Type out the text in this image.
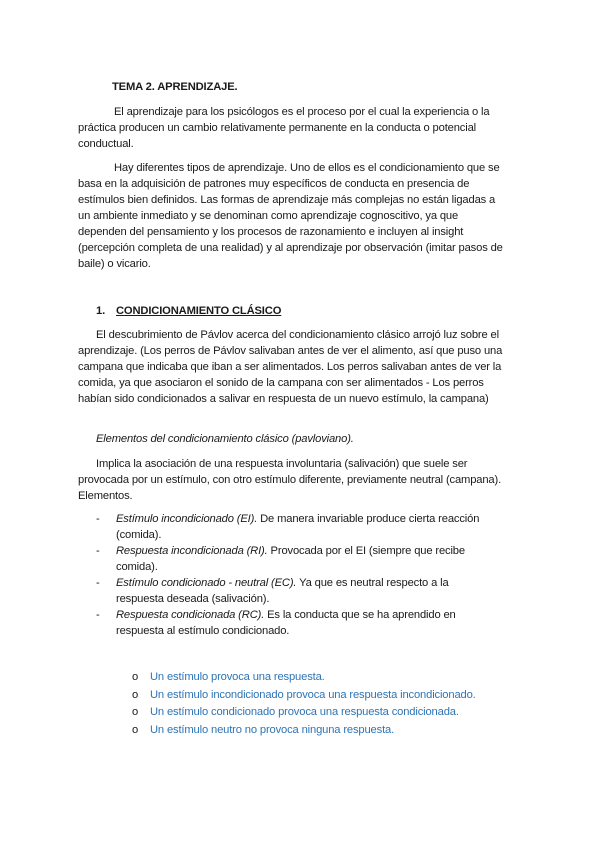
TEMA 2. APRENDIZAJE.

El aprendizaje para los psicólogos es el proceso por el cual la experiencia o la práctica producen un cambio relativamente permanente en la conducta o potencial conductual.

Hay diferentes tipos de aprendizaje. Uno de ellos es el condicionamiento que se basa en la adquisición de patrones muy específicos de conducta en presencia de estímulos bien definidos. Las formas de aprendizaje más complejas no están ligadas a un ambiente inmediato y se denominan como aprendizaje cognoscitivo, ya que dependen del pensamiento y los procesos de razonamiento e incluyen al insight (percepción completa de una realidad) y al aprendizaje por observación (imitar pasos de baile) o vicario.

1. CONDICIONAMIENTO CLÁSICO

El descubrimiento de Pávlov acerca del condicionamiento clásico arrojó luz sobre el aprendizaje. (Los perros de Pávlov salivaban antes de ver el alimento, así que puso una campana que indicaba que iban a ser alimentados. Los perros salivaban antes de ver la comida, ya que asociaron el sonido de la campana con ser alimentados - Los perros habían sido condicionados a salivar en respuesta de un nuevo estímulo, la campana)

Elementos del condicionamiento clásico (pavloviano).

Implica la asociación de una respuesta involuntaria (salivación) que suele ser provocada por un estímulo, con otro estímulo diferente, previamente neutral (campana). Elementos.

- Estímulo incondicionado (EI). De manera invariable produce cierta reacción (comida).
- Respuesta incondicionada (RI). Provocada por el EI (siempre que recibe comida).
- Estímulo condicionado - neutral (EC). Ya que es neutral respecto a la respuesta deseada (salivación).
- Respuesta condicionada (RC). Es la conducta que se ha aprendido en respuesta al estímulo condicionado.
o Un estímulo provoca una respuesta.
o Un estímulo incondicionado provoca una respuesta incondicionado.
o Un estímulo condicionado provoca una respuesta condicionada.
o Un estímulo neutro no provoca ninguna respuesta.
